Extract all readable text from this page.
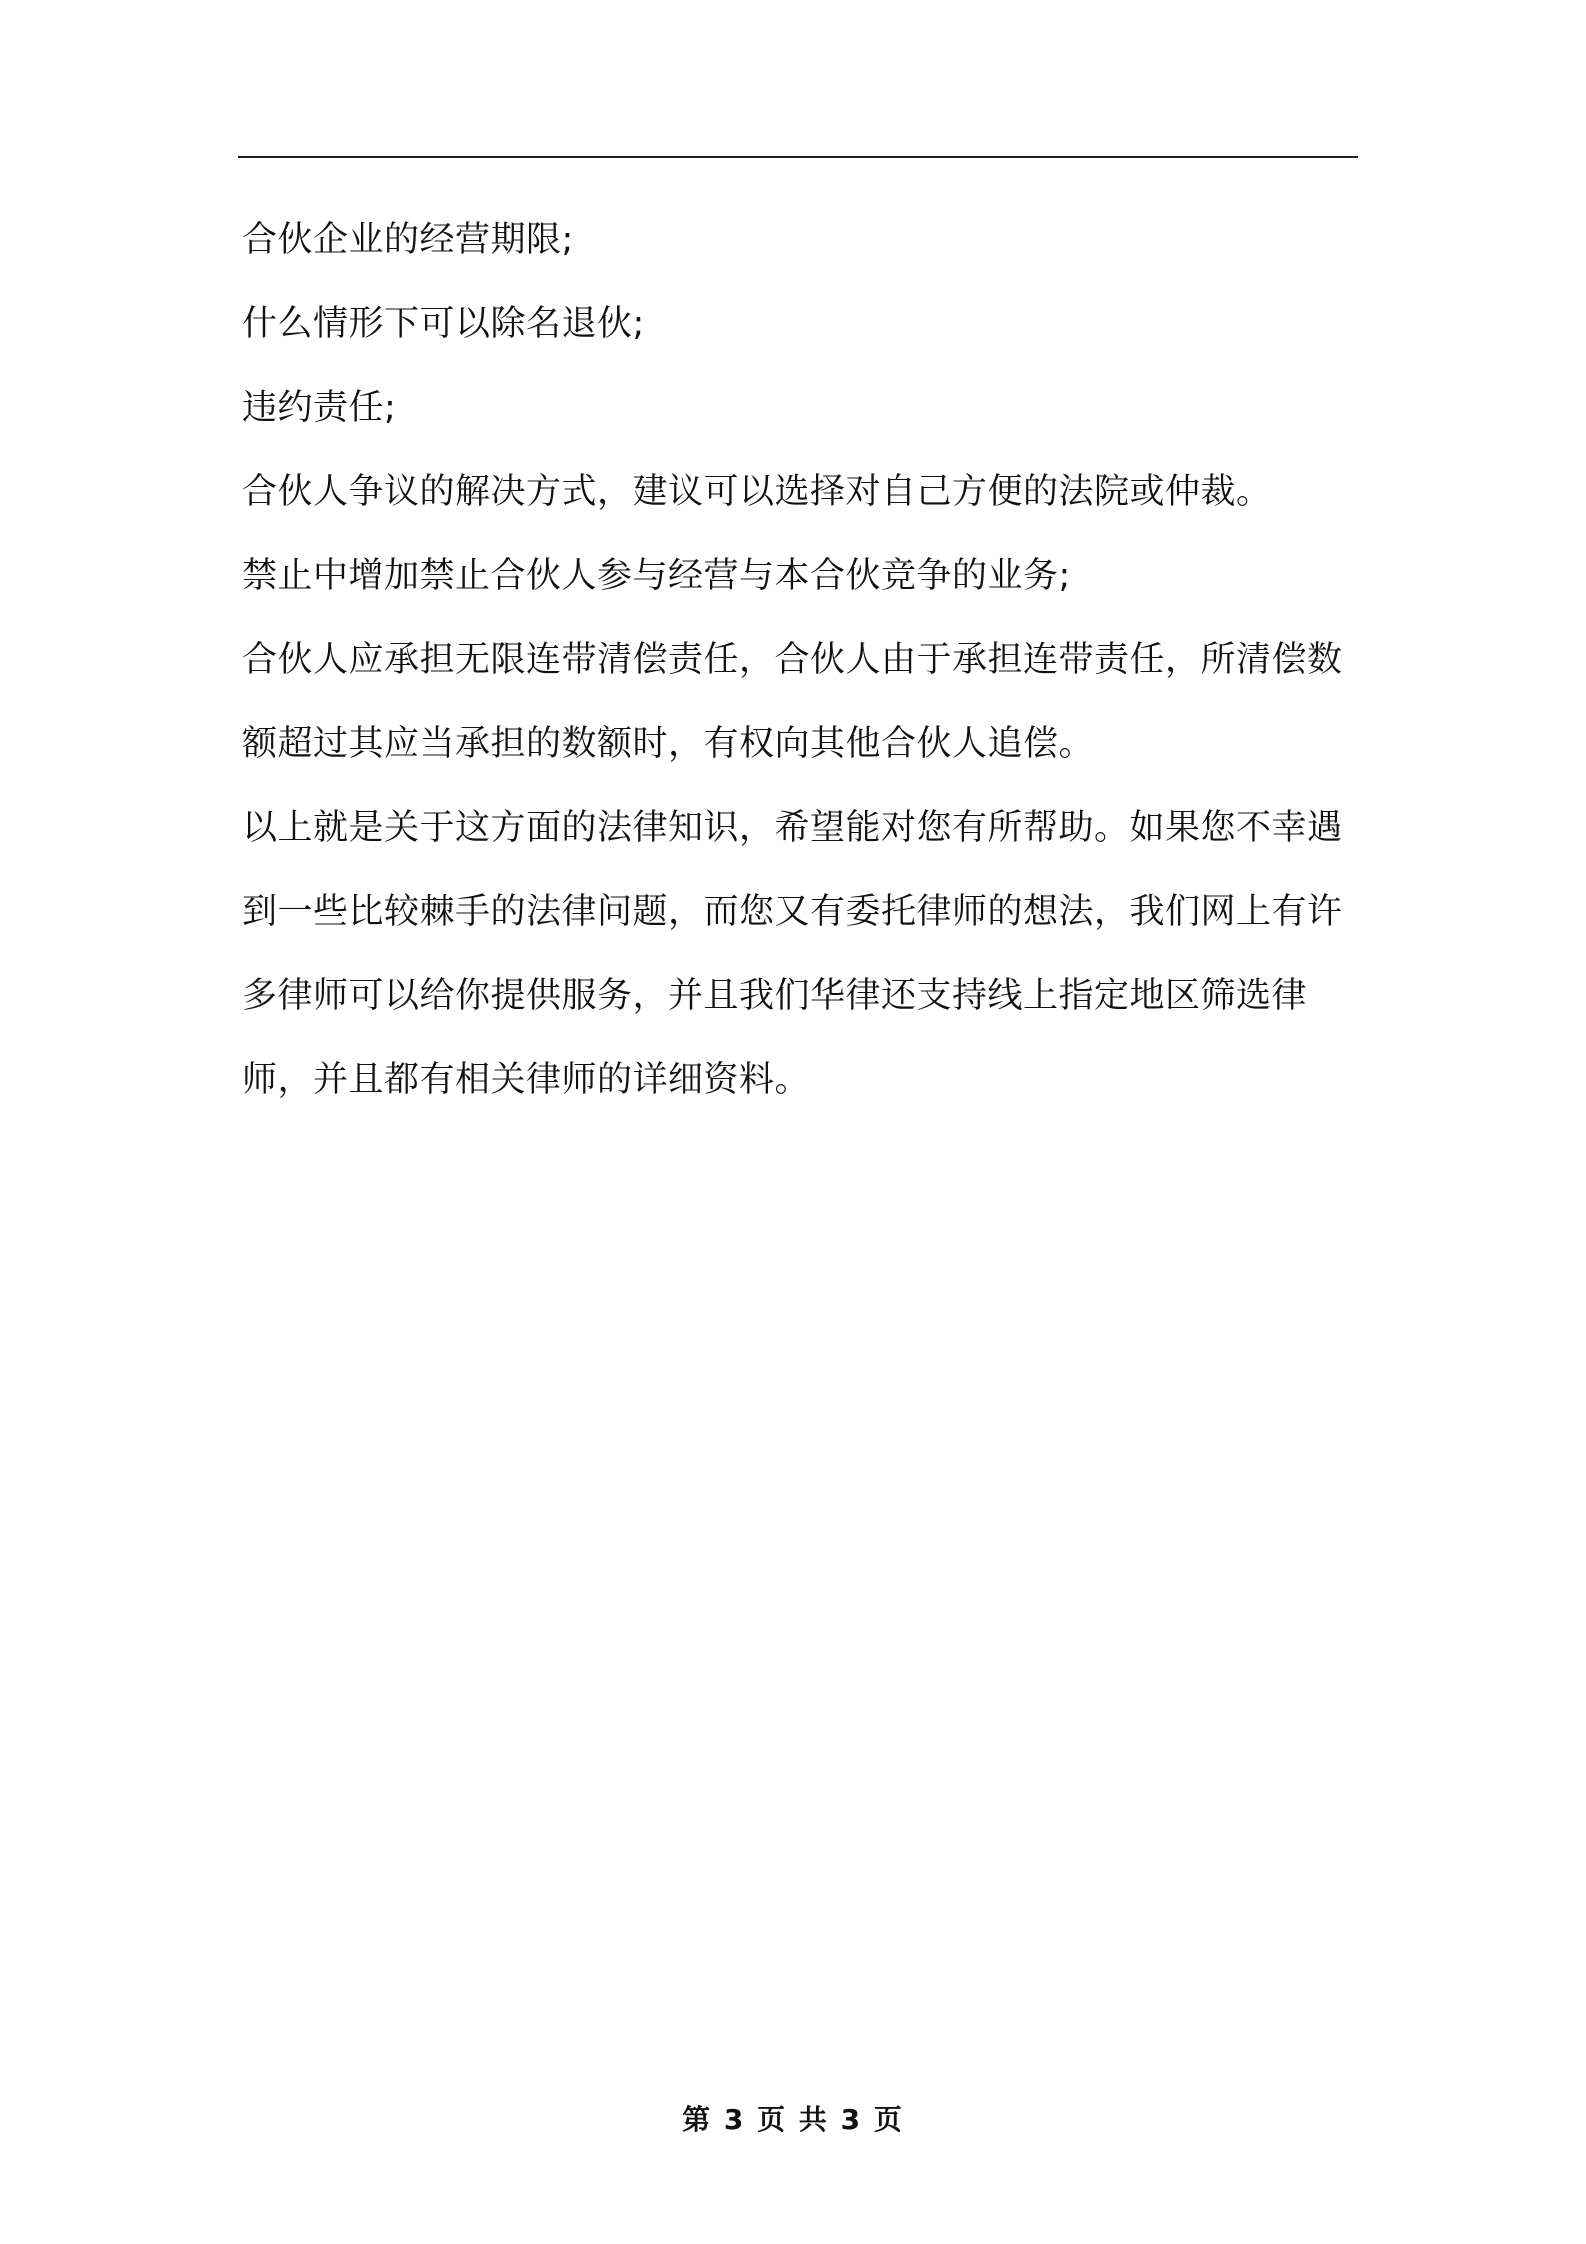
合伙企业的经营期限;

什么情形下可以除名退伙;

违约责任;

合伙人争议的解决方式，建议可以选择对自己方便的法院或仲裁。

禁止中增加禁止合伙人参与经营与本合伙竞争的业务;

合伙人应承担无限连带清偿责任，合伙人由于承担连带责任，所清偿数额超过其应当承担的数额时，有权向其他合伙人追偿。

以上就是关于这方面的法律知识，希望能对您有所帮助。如果您不幸遇到一些比较棘手的法律问题，而您又有委托律师的想法，我们网上有许多律师可以给你提供服务，并且我们华律还支持线上指定地区筛选律师，并且都有相关律师的详细资料。

第 3 页 共 3 页
